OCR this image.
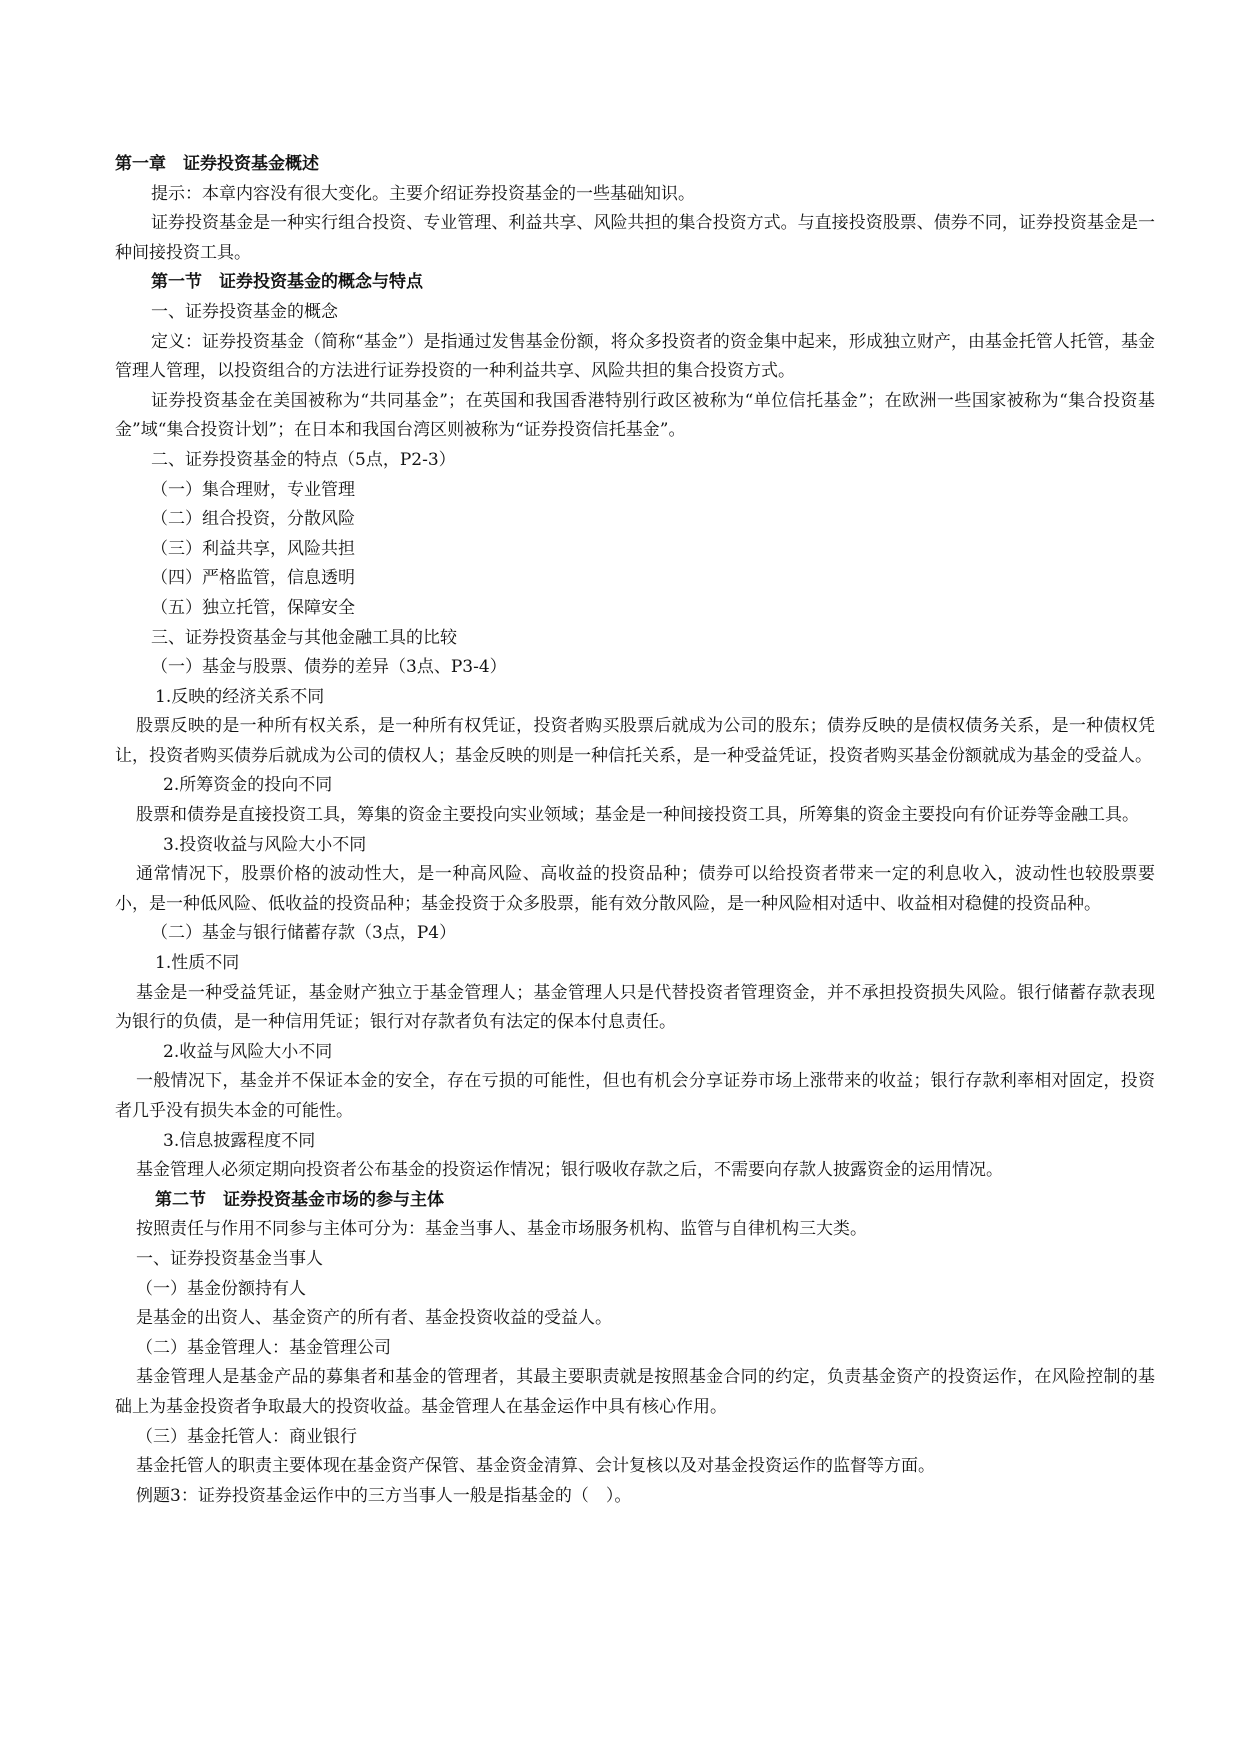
第一章　证券投资基金概述
提示：本章内容没有很大变化。主要介绍证券投资基金的一些基础知识。
证券投资基金是一种实行组合投资、专业管理、利益共享、风险共担的集合投资方式。与直接投资股票、债券不同，证券投资基金是一种间接投资工具。
第一节　证券投资基金的概念与特点
一、证券投资基金的概念
定义：证券投资基金（简称“基金”）是指通过发售基金份额，将众多投资者的资金集中起来，形成独立财产，由基金托管人托管，基金管理人管理，以投资组合的方法进行证券投资的一种利益共享、风险共担的集合投资方式。
证券投资基金在美国被称为“共同基金”；在英国和我国香港特别行政区被称为“单位信托基金”；在欧洲一些国家被称为“集合投资基金”域“集合投资计划”；在日本和我国台湾区则被称为“证券投资信托基金”。
二、证券投资基金的特点（5点，P2-3）
（一）集合理财，专业管理
（二）组合投资，分散风险
（三）利益共享，风险共担
（四）严格监管，信息透明
（五）独立托管，保障安全
三、证券投资基金与其他金融工具的比较
（一）基金与股票、债券的差异（3点、P3-4）
1.反映的经济关系不同
股票反映的是一种所有权关系，是一种所有权凭证，投资者购买股票后就成为公司的股东；债券反映的是债权债务关系，是一种债权凭让，投资者购买债券后就成为公司的债权人；基金反映的则是一种信托关系，是一种受益凭证，投资者购买基金份额就成为基金的受益人。
2.所筹资金的投向不同
股票和债券是直接投资工具，筹集的资金主要投向实业领域；基金是一种间接投资工具，所筹集的资金主要投向有价证券等金融工具。
3.投资收益与风险大小不同
通常情况下，股票价格的波动性大，是一种高风险、高收益的投资品种；债券可以给投资者带来一定的利息收入，波动性也较股票要小，是一种低风险、低收益的投资品种；基金投资于众多股票，能有效分散风险，是一种风险相对适中、收益相对稳健的投资品种。
（二）基金与银行储蓄存款（3点，P4）
1.性质不同
基金是一种受益凭证，基金财产独立于基金管理人；基金管理人只是代替投资者管理资金，并不承担投资损失风险。银行储蓄存款表现为银行的负债，是一种信用凭证；银行对存款者负有法定的保本付息责任。
2.收益与风险大小不同
一般情况下，基金并不保证本金的安全，存在亏损的可能性，但也有机会分享证券市场上涨带来的收益；银行存款利率相对固定，投资者几乎没有损失本金的可能性。
3.信息披露程度不同
基金管理人必须定期向投资者公布基金的投资运作情况；银行吸收存款之后，不需要向存款人披露资金的运用情况。
第二节　证券投资基金市场的参与主体
按照责任与作用不同参与主体可分为：基金当事人、基金市场服务机构、监管与自律机构三大类。
一、证券投资基金当事人
（一）基金份额持有人
是基金的出资人、基金资产的所有者、基金投资收益的受益人。
（二）基金管理人：基金管理公司
基金管理人是基金产品的募集者和基金的管理者，其最主要职责就是按照基金合同的约定，负责基金资产的投资运作，在风险控制的基础上为基金投资者争取最大的投资收益。基金管理人在基金运作中具有核心作用。
（三）基金托管人：商业银行
基金托管人的职责主要体现在基金资产保管、基金资金清算、会计复核以及对基金投资运作的监督等方面。
例题3：证券投资基金运作中的三方当事人一般是指基金的（　）。
